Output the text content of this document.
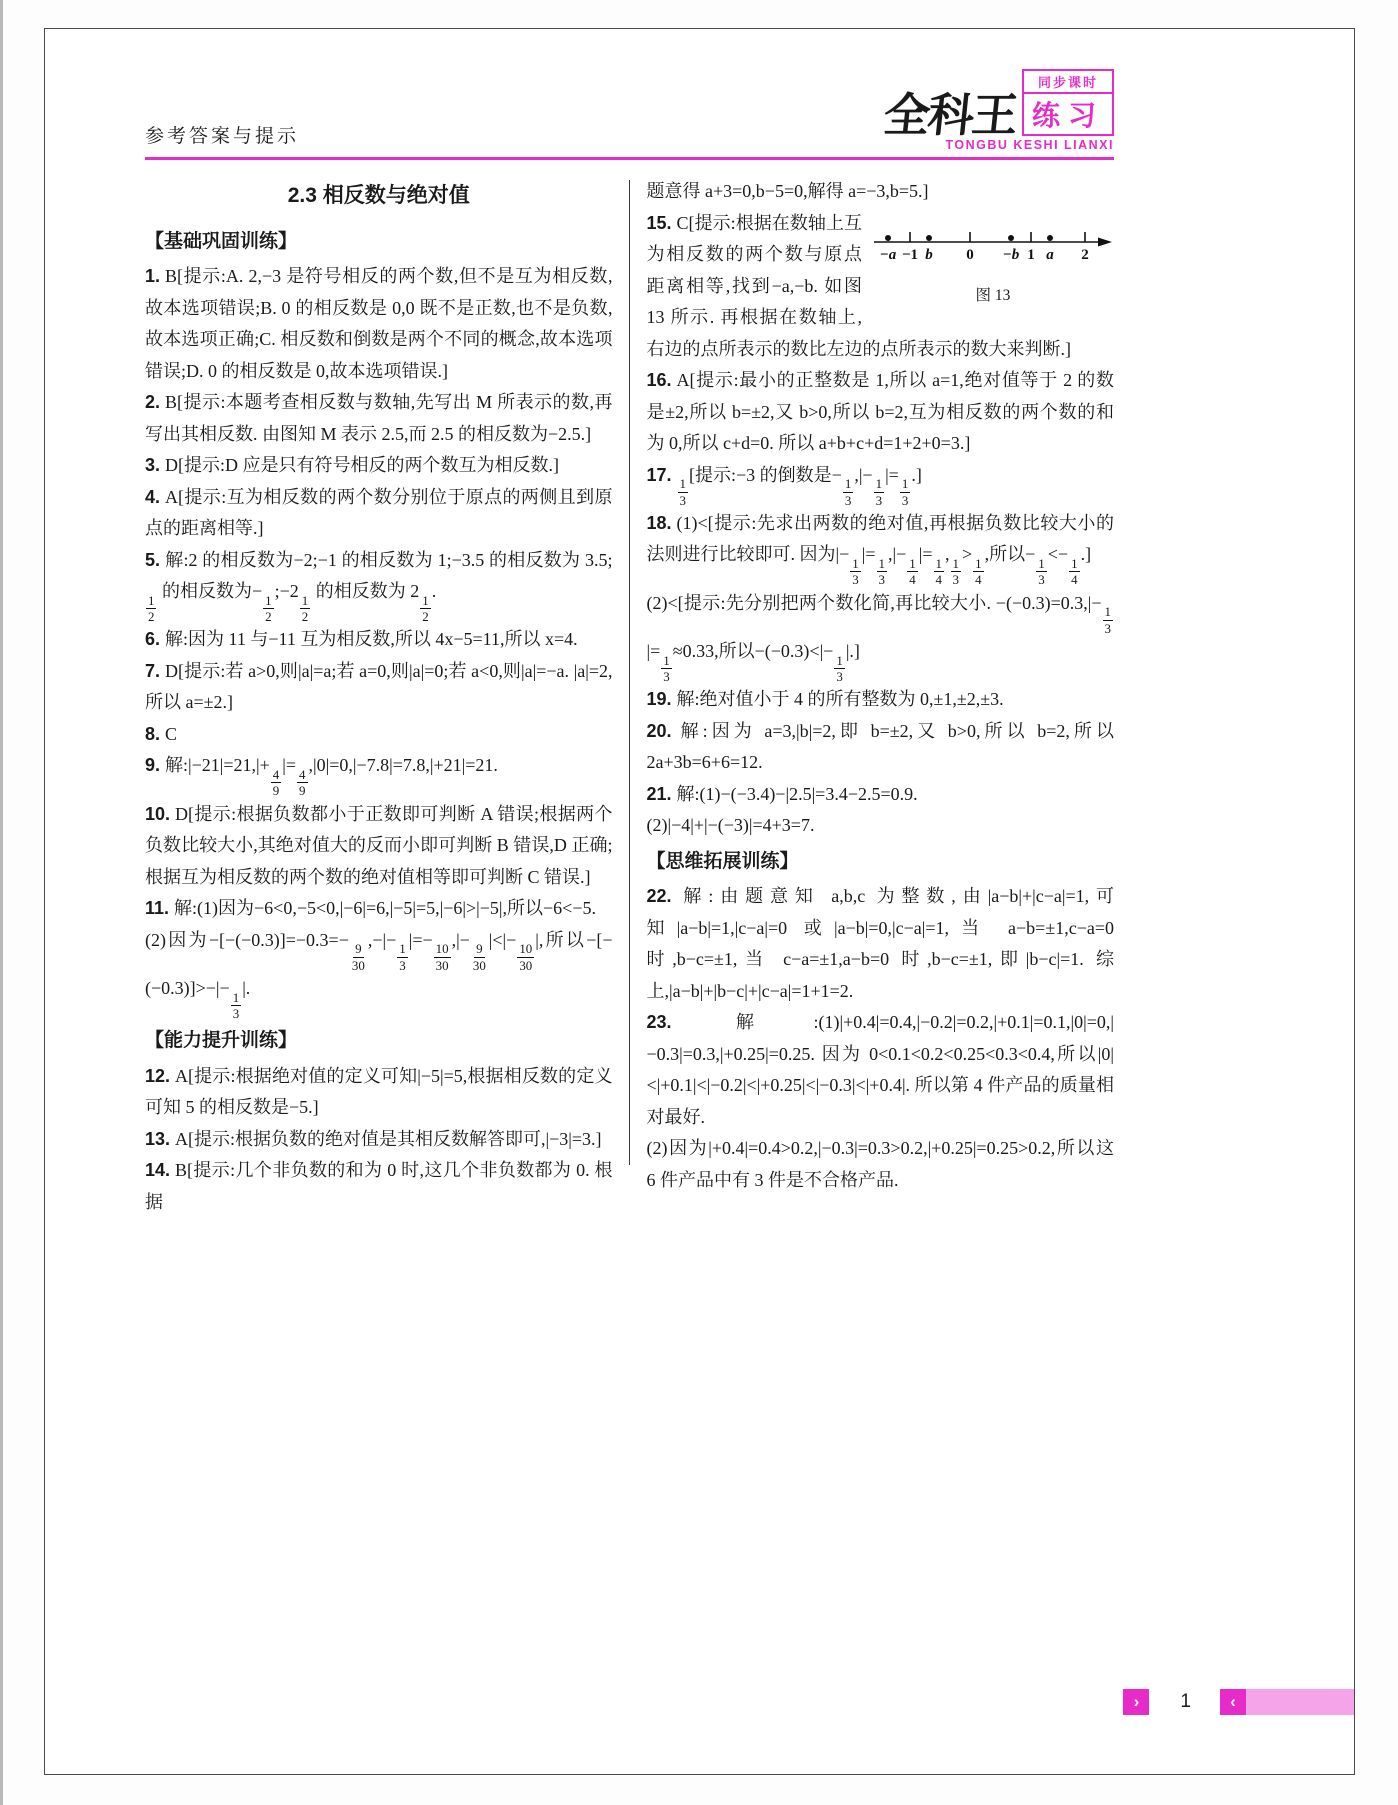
参考答案与提示	全科王
同步课时
练习
TONGBU KESHI LIANXI
2.3 相反数与绝对值
【基础巩固训练】

1. B[提示:A. 2,−3 是符号相反的两个数,但不是互为相反数,故本选项错误;B. 0 的相反数是 0,0 既不是正数,也不是负数,故本选项正确;C. 相反数和倒数是两个不同的概念,故本选项错误;D. 0 的相反数是 0,故本选项错误.]

2. B[提示:本题考查相反数与数轴,先写出 M 所表示的数,再写出其相反数. 由图知 M 表示 2.5,而 2.5 的相反数为−2.5.]

3. D[提示:D 应是只有符号相反的两个数互为相反数.]

4. A[提示:互为相反数的两个数分别位于原点的两侧且到原点的距离相等.]

5. 解:2 的相反数为−2;−1 的相反数为 1;−3.5 的相反数为 3.5;
$\frac{1}{2}$
的相反数为−
$\frac{1}{2}$
;−2
$\frac{1}{2}$
的相反数为 2
$\frac{1}{2}$
.

6. 解:因为 11 与−11 互为相反数,所以 4x−5=11,所以 x=4.

7. D[提示:若 a>0,则|a|=a;若 a=0,则|a|=0;若 a<0,则|a|=−a. |a|=2,所以 a=±2.]

8. C

9. 解:|−21|=21,|+
$\frac{4}{9}$
|=
$\frac{4}{9}$
,|0|=0,|−7.8|=7.8,|+21|=21.

10. D[提示:根据负数都小于正数即可判断 A 错误;根据两个负数比较大小,其绝对值大的反而小即可判断 B 错误,D 正确;根据互为相反数的两个数的绝对值相等即可判断 C 错误.]

11. 解:(1)因为−6<0,−5<0,|−6|=6,|−5|=5,|−6|>|−5|,所以−6<−5.

(2)因为−[−(−0.3)]=−0.3=−
$\frac{9}{30}$
,−|−
$\frac{1}{3}$
|=−
$\frac{10}{30}$
,|−
$\frac{9}{30}$
|<|−
$\frac{10}{30}$
|,所以−[−(−0.3)]>−|−
$\frac{1}{3}$
|.

【能力提升训练】

12. A[提示:根据绝对值的定义可知|−5|=5,根据相反数的定义可知 5 的相反数是−5.]

13. A[提示:根据负数的绝对值是其相反数解答即可,|−3|=3.]

14. B[提示:几个非负数的和为 0 时,这几个非负数都为 0. 根据

题意得 a+3=0,b−5=0,解得 a=−3,b=5.]

−a −1 b 0 −b 1 a 2
图 13
15. C[提示:根据在数轴上互为相反数的两个数与原点距离相等,找到−a,−b. 如图 13 所示. 再根据在数轴上,右边的点所表示的数比左边的点所表示的数大来判断.]

16. A[提示:最小的正整数是 1,所以 a=1,绝对值等于 2 的数是±2,所以 b=±2,又 b>0,所以 b=2,互为相反数的两个数的和为 0,所以 c+d=0. 所以 a+b+c+d=1+2+0=3.]

17.
$\frac{1}{3}$
[提示:−3 的倒数是−
$\frac{1}{3}$
,|−
$\frac{1}{3}$
|=
$\frac{1}{3}$
.]

18. (1)<[提示:先求出两数的绝对值,再根据负数比较大小的法则进行比较即可. 因为|−
$\frac{1}{3}$
|=
$\frac{1}{3}$
,|−
$\frac{1}{4}$
|=
$\frac{1}{4}$
,
$\frac{1}{3}$
>
$\frac{1}{4}$
,所以−
$\frac{1}{3}$
<−
$\frac{1}{4}$
.]

(2)<[提示:先分别把两个数化简,再比较大小. −(−0.3)=0.3,|−
$\frac{1}{3}$
|=
$\frac{1}{3}$
≈0.33,所以−(−0.3)<|−
$\frac{1}{3}$
|.]

19. 解:绝对值小于 4 的所有整数为 0,±1,±2,±3.

20. 解:因为 a=3,|b|=2,即 b=±2,又 b>0,所以 b=2,所以 2a+3b=6+6=12.

21. 解:(1)−(−3.4)−|2.5|=3.4−2.5=0.9.

(2)|−4|+|−(−3)|=4+3=7.

【思维拓展训练】

22. 解:由题意知 a,b,c 为整数,由|a−b|+|c−a|=1,可知|a−b|=1,|c−a|=0 或|a−b|=0,|c−a|=1,当 a−b=±1,c−a=0 时,b−c=±1,当 c−a=±1,a−b=0 时,b−c=±1,即|b−c|=1. 综上,|a−b|+|b−c|+|c−a|=1+1=2.

23. 解:(1)|+0.4|=0.4,|−0.2|=0.2,|+0.1|=0.1,|0|=0,|−0.3|=0.3,|+0.25|=0.25. 因为 0<0.1<0.2<0.25<0.3<0.4,所以|0|<|+0.1|<|−0.2|<|+0.25|<|−0.3|<|+0.4|. 所以第 4 件产品的质量相对最好.

(2)因为|+0.4|=0.4>0.2,|−0.3|=0.3>0.2,|+0.25|=0.25>0.2,所以这 6 件产品中有 3 件是不合格产品.

›	1	‹
